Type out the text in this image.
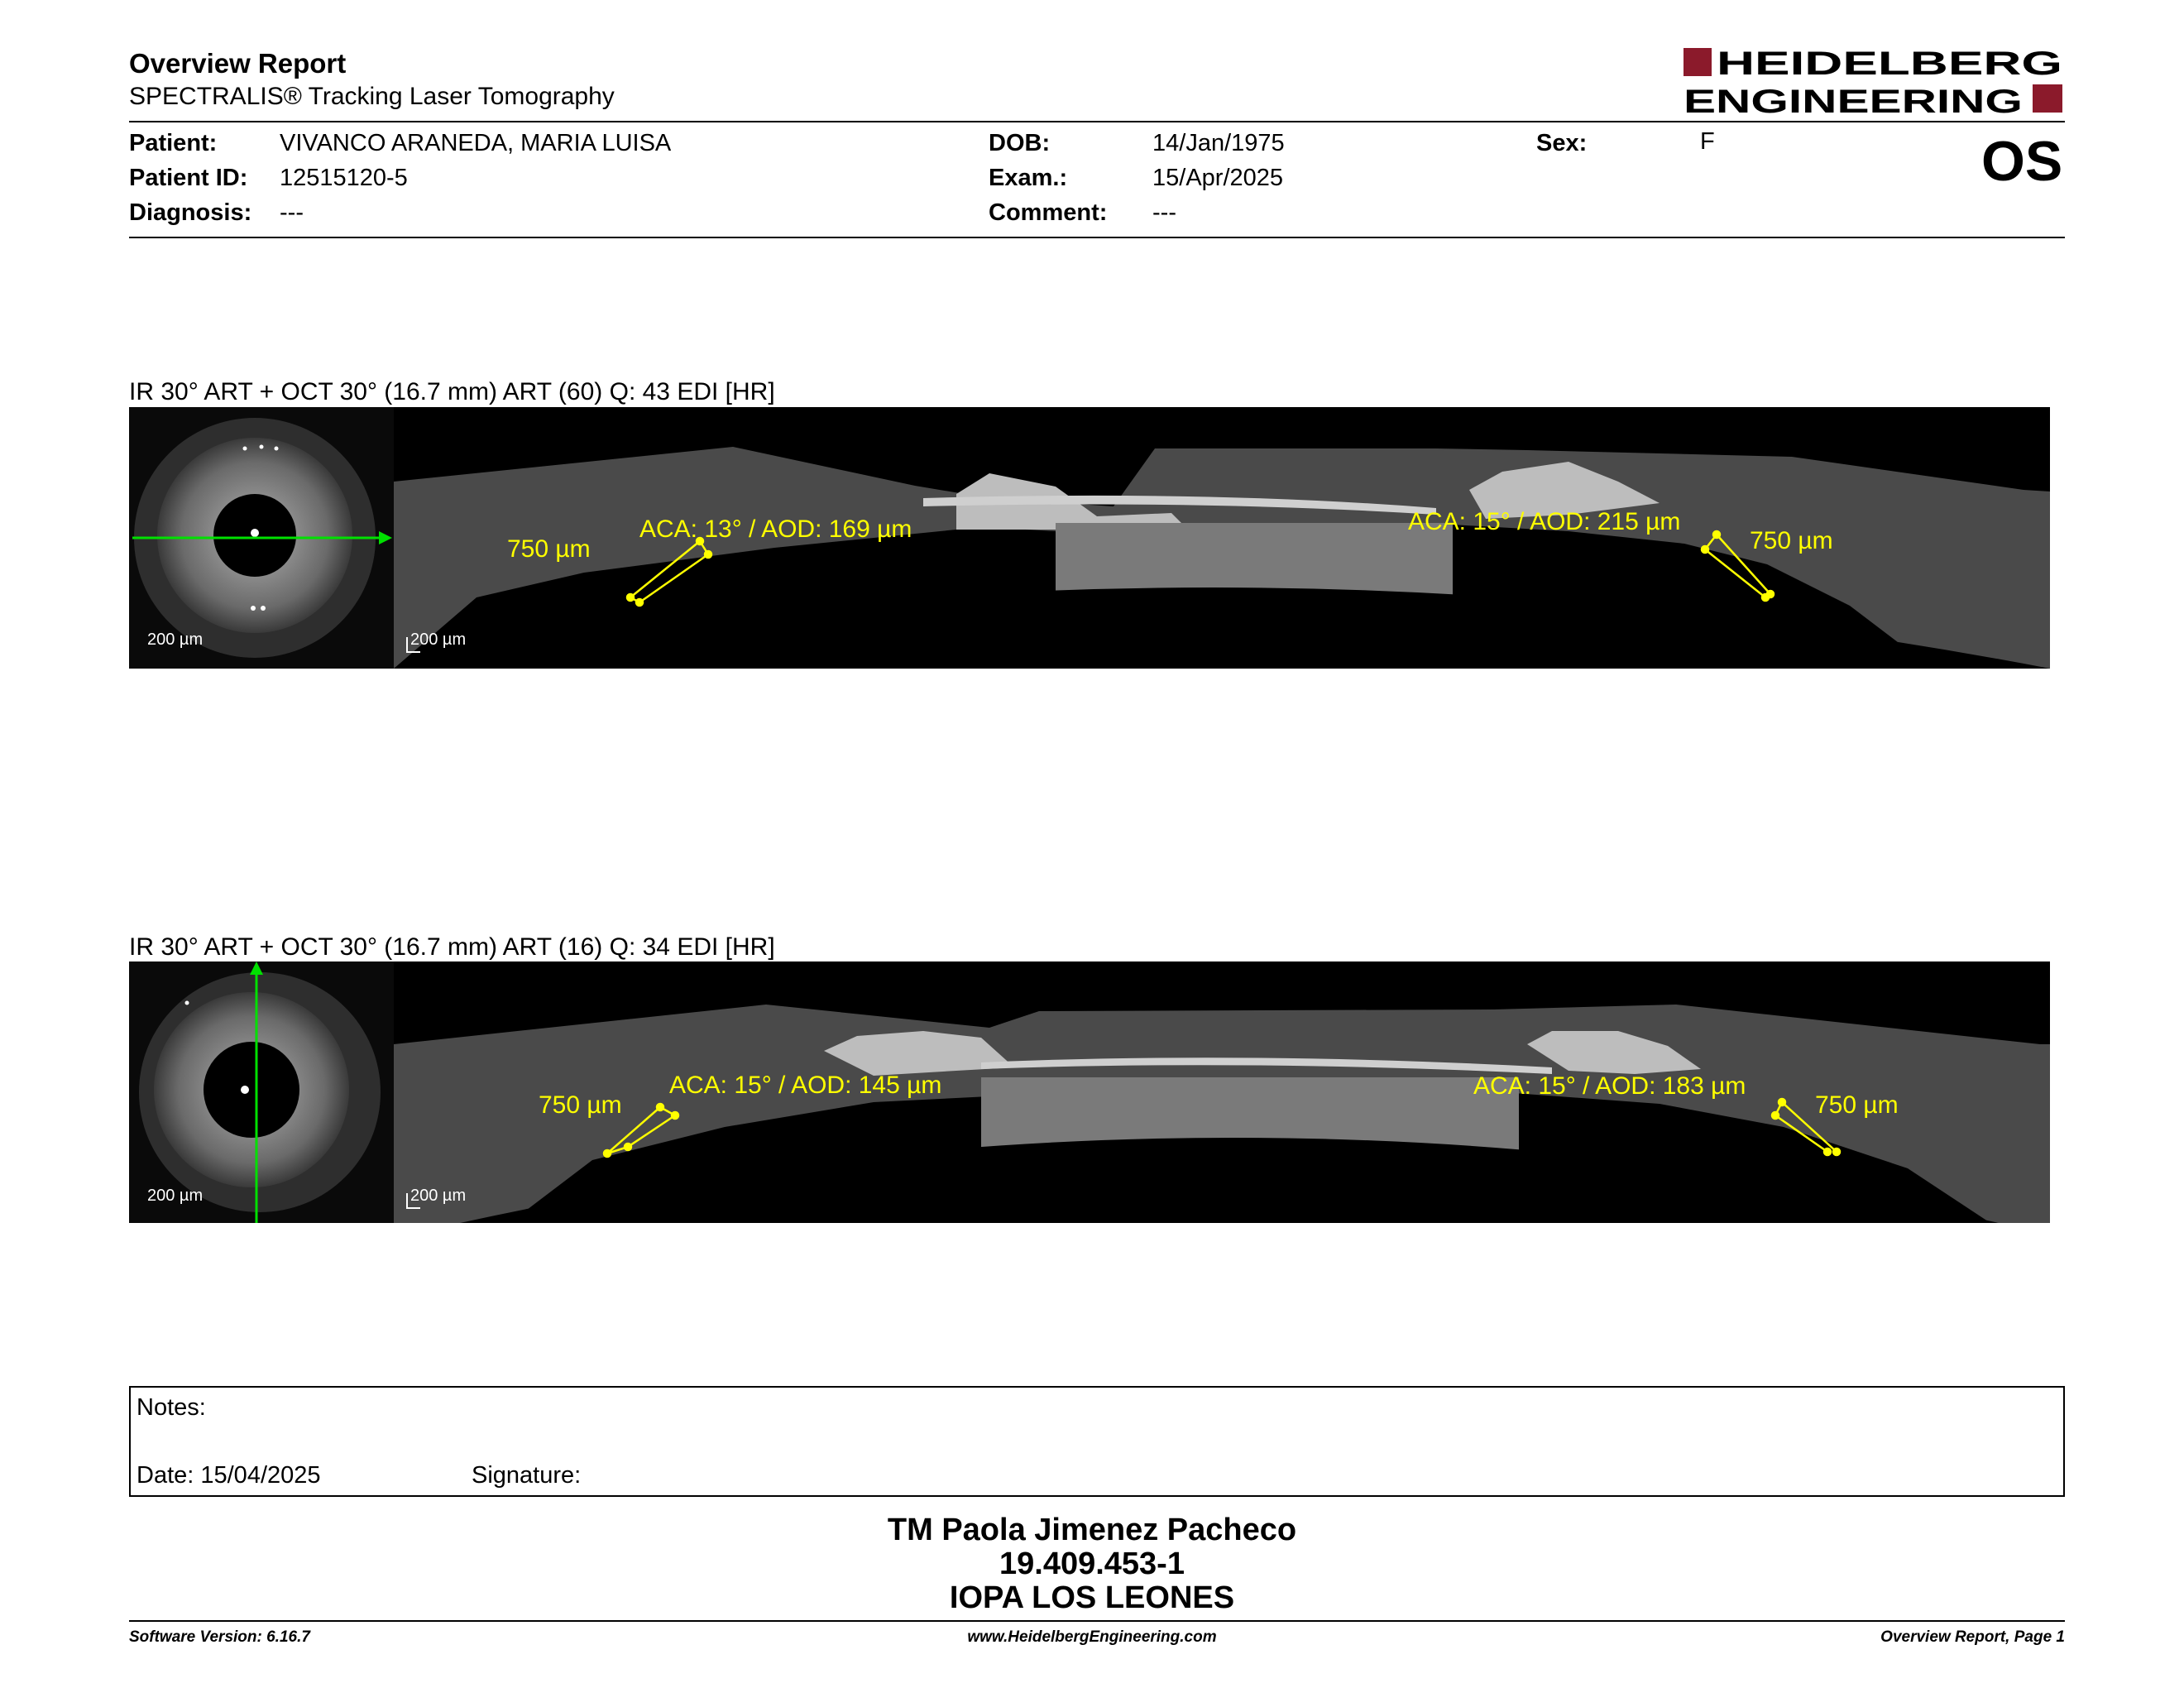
Overview Report
SPECTRALIS® Tracking Laser Tomography
HEIDELBERG
ENGINEERING
Patient:	VIVANCO ARANEDA, MARIA LUISA
Patient ID: 12515120-5
Diagnosis: ---
DOB:	14/Jan/1975
Exam.:	15/Apr/2025
Comment: ---
Sex:	F	OS
IR 30° ART + OCT 30° (16.7 mm) ART (60) Q: 43 EDI [HR]
200 µm	200 µm
750 µm
ACA: 13° / AOD: 169 µm	ACA: 15° / AOD: 215 µm
750 µm
IR 30° ART + OCT 30° (16.7 mm) ART (16) Q: 34 EDI [HR]
200 µm	200 µm
750 µm
ACA: 15° / AOD: 145 µm	ACA: 15° / AOD: 183 µm
750 µm
Notes:
Date: 15/04/2025	Signature:
TM Paola Jimenez Pacheco
19.409.453-1
IOPA LOS LEONES
Software Version: 6.16.7	www.HeidelbergEngineering.com	Overview Report, Page 1
